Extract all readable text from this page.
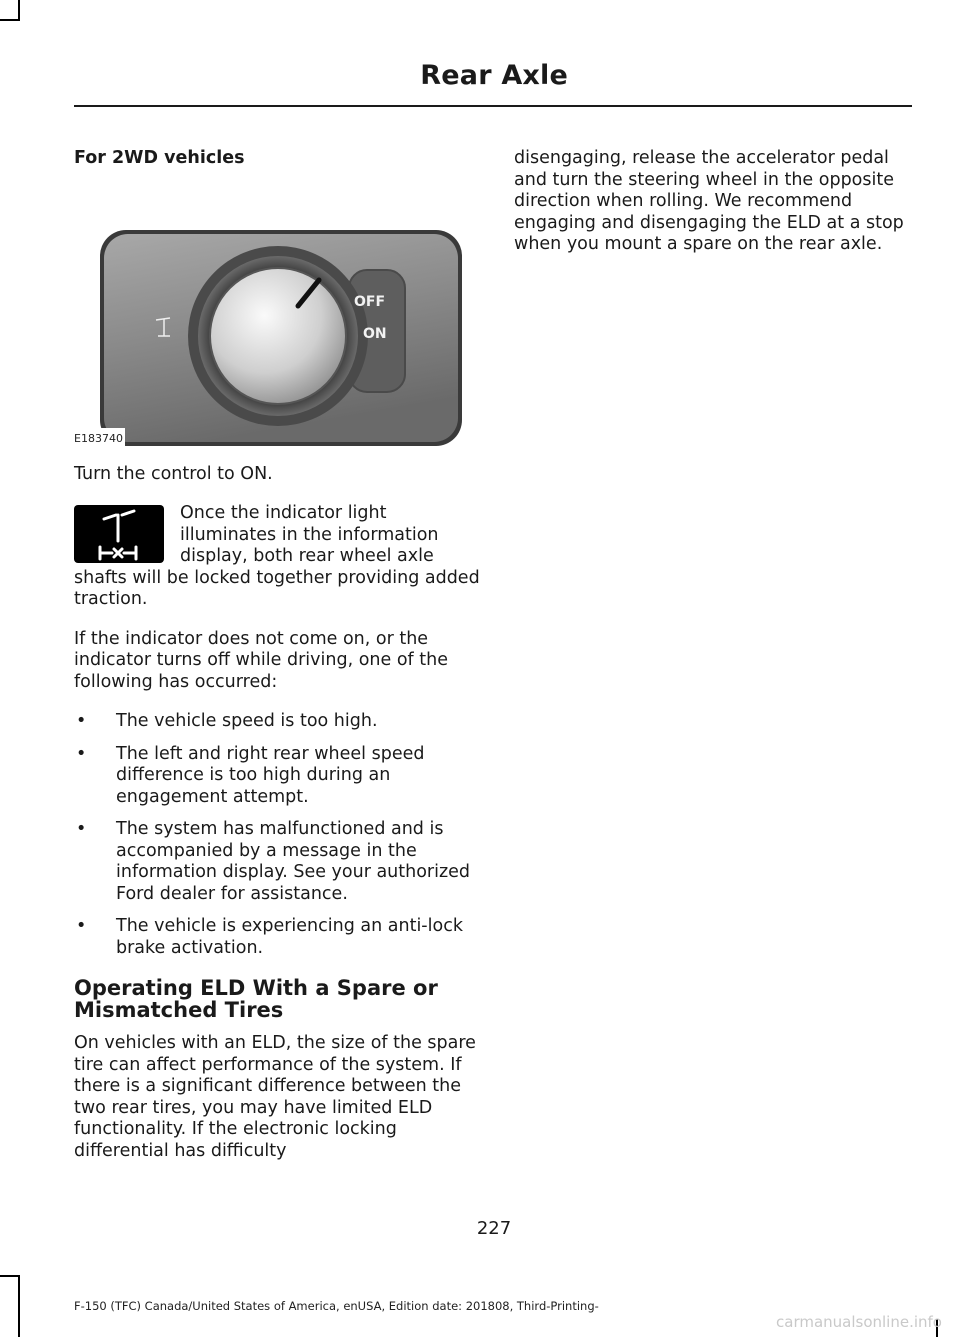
Rear Axle
For 2WD vehicles
OFF
ON
E183740

Turn the control to ON.

Once the indicator light illuminates in the information display, both rear wheel axle shafts will be locked together providing added traction.

If the indicator does not come on, or the indicator turns off while driving, one of the following has occurred:

• The vehicle speed is too high.
• The left and right rear wheel speed difference is too high during an engagement attempt.
• The system has malfunctioned and is accompanied by a message in the information display. See your authorized Ford dealer for assistance.
• The vehicle is experiencing an anti-lock brake activation.
Operating ELD With a Spare or Mismatched Tires

On vehicles with an ELD, the size of the spare tire can affect performance of the system. If there is a significant difference between the two rear tires, you may have limited ELD functionality. If the electronic locking differential has difficulty

disengaging, release the accelerator pedal and turn the steering wheel in the opposite direction when rolling. We recommend engaging and disengaging the ELD at a stop when you mount a spare on the rear axle.

227
F-150 (TFC) Canada/United States of America, enUSA, Edition date: 201808, Third-Printing-
carmanualsonline.info
